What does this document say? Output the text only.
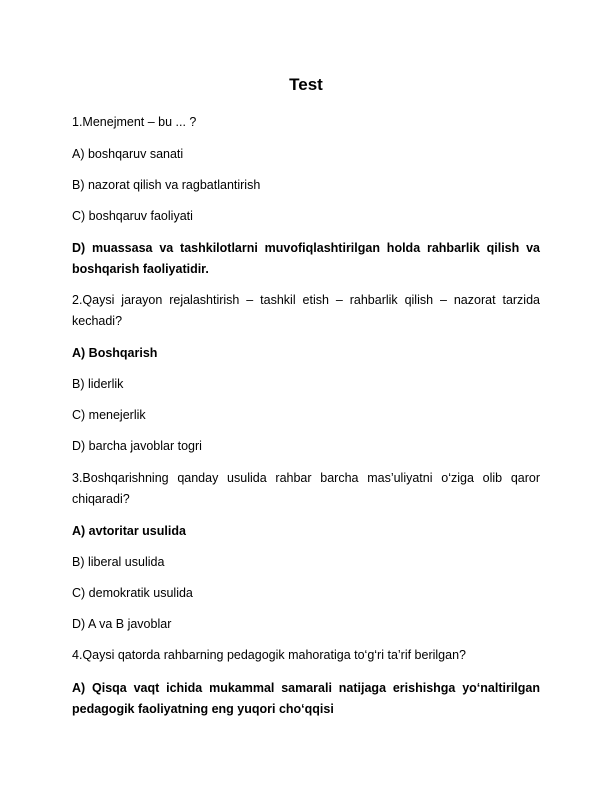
Test
1.Menejment – bu ... ?
A) boshqaruv sanati
B) nazorat qilish va ragbatlantirish
C) boshqaruv faoliyati
D) muassasa va tashkilotlarni muvofiqlashtirilgan holda rahbarlik qilish va boshqarish faoliyatidir.
2.Qaysi jarayon rejalashtirish – tashkil etish – rahbarlik qilish – nazorat tarzida kechadi?
A) Boshqarish
B) liderlik
C) menejerlik
D) barcha javoblar togri
3.Boshqarishning qanday usulida rahbar barcha mas’uliyatni o‘ziga olib qaror chiqaradi?
A) avtoritar usulida
B) liberal usulida
C) demokratik usulida
D) A va B javoblar
4.Qaysi qatorda rahbarning pedagogik mahoratiga to‘g‘ri ta’rif berilgan?
A) Qisqa vaqt ichida mukammal samarali natijaga erishishga yo‘naltirilgan pedagogik faoliyatning eng yuqori cho‘qqisi
